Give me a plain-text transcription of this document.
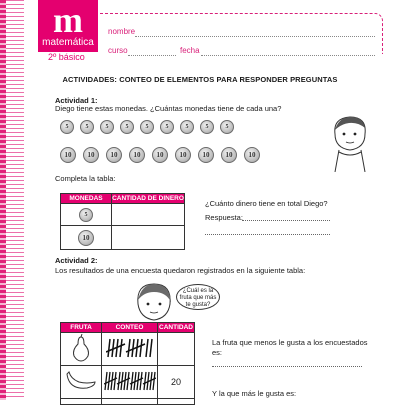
m
matemática
2º básico
nombre
curso	fecha
ACTIVIDADES: CONTEO DE ELEMENTOS PARA RESPONDER PREGUNTAS
Actividad 1:
Diego tiene estas monedas. ¿Cuántas monedas tiene de cada una?
5	5	5	5	5	5	5	5	5
10	10	10	10	10	10	10	10	10
Completa la tabla:
MONEDAS	CANTIDAD DE DINERO

5	

10	

¿Cuánto dinero tiene en total Diego?
Respuesta:
Actividad 2:
Los resultados de una encuesta quedaron registrados en la siguiente tabla:
¿Cuál es la fruta que más te gusta?
FRUTA	CONTEO	CANTIDAD

		20

La fruta que menos le gusta a los encuestados es:
Y la que más le gusta es:
